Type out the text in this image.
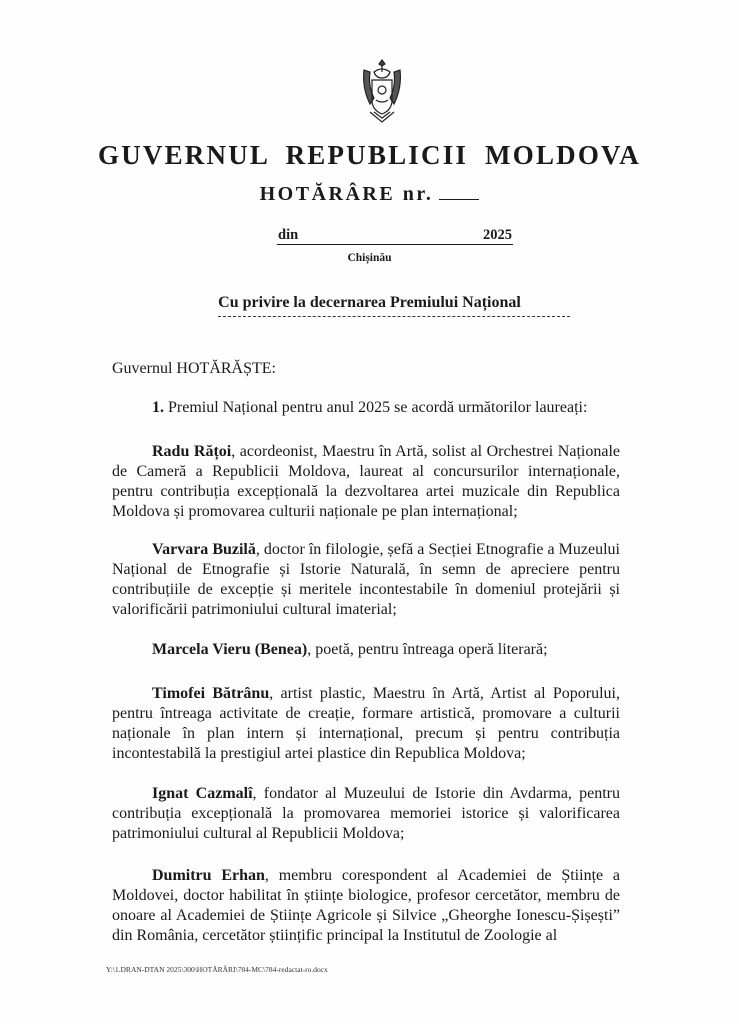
GUVERNUL REPUBLICII MOLDOVA
HOTĂRÂRE nr.
din	2025
Chișinău
Cu privire la decernarea Premiului Național
Guvernul HOTĂRĂȘTE:
1. Premiul Național pentru anul 2025 se acordă următorilor laureați:
Radu Rățoi, acordeonist, Maestru în Artă, solist al Orchestrei Naționale de Cameră a Republicii Moldova, laureat al concursurilor internaționale, pentru contribuția excepțională la dezvoltarea artei muzicale din Republica Moldova și promovarea culturii naționale pe plan internațional;
Varvara Buzilă, doctor în filologie, șefă a Secției Etnografie a Muzeului Național de Etnografie și Istorie Naturală, în semn de apreciere pentru contribuțiile de excepție și meritele incontestabile în domeniul protejării și valorificării patrimoniului cultural imaterial;
Marcela Vieru (Benea), poetă, pentru întreaga operă literară;
Timofei Bătrânu, artist plastic, Maestru în Artă, Artist al Poporului, pentru întreaga activitate de creație, formare artistică, promovare a culturii naționale în plan intern și internațional, precum și pentru contribuția incontestabilă la prestigiul artei plastice din Republica Moldova;
Ignat Cazmalî, fondator al Muzeului de Istorie din Avdarma, pentru contribuția excepțională la promovarea memoriei istorice și valorificarea patrimoniului cultural al Republicii Moldova;
Dumitru Erhan, membru corespondent al Academiei de Științe a Moldovei, doctor habilitat în științe biologice, profesor cercetător, membru de onoare al Academiei de Științe Agricole și Silvice „Gheorghe Ionescu-Șișești” din România, cercetător științific principal la Institutul de Zoologie al
Y:\1.DRAN-DTAN 2025\300\HOTĂRÂRI\784-MC\784-redactat-ro.docx
